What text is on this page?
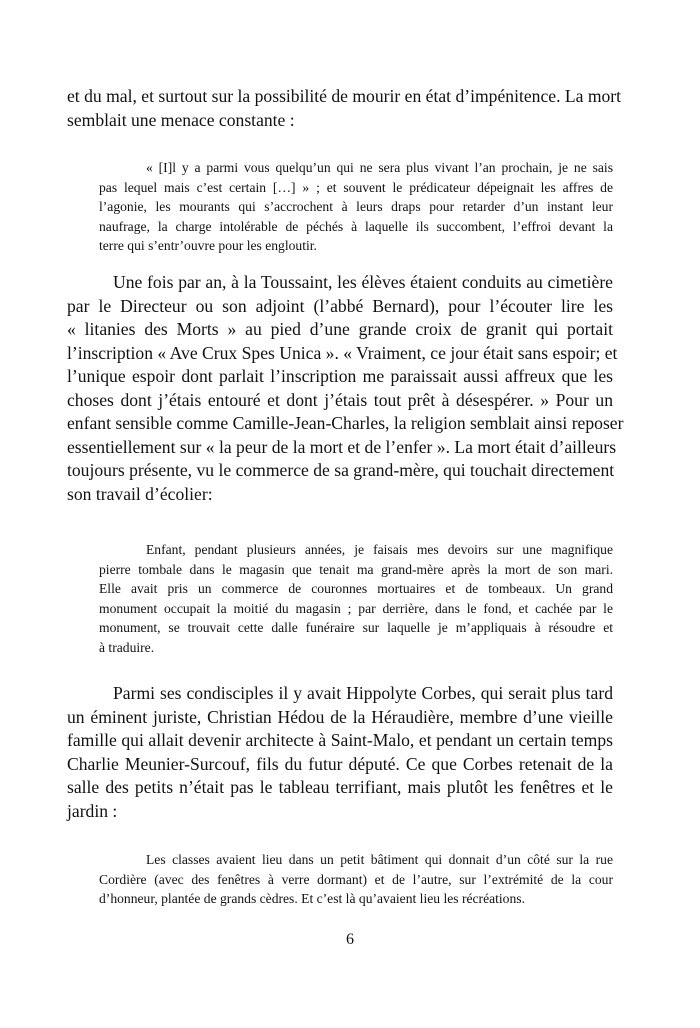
et du mal, et surtout sur la possibilité de mourir en état d’impénitence. La mort
semblait une menace constante :
« [I]l y a parmi vous quelqu’un qui ne sera plus vivant l’an prochain, je ne sais
pas lequel mais c’est certain […] » ; et souvent le prédicateur dépeignait les affres de
l’agonie, les mourants qui s’accrochent à leurs draps pour retarder d’un instant leur
naufrage, la charge intolérable de péchés à laquelle ils succombent, l’effroi devant la
terre qui s’entr’ouvre pour les engloutir.
Une fois par an, à la Toussaint, les élèves étaient conduits au cimetière
par le Directeur ou son adjoint (l’abbé Bernard), pour l’écouter lire les
« litanies des Morts » au pied d’une grande croix de granit qui portait
l’inscription « Ave Crux Spes Unica ». « Vraiment, ce jour était sans espoir; et
l’unique espoir dont parlait l’inscription me paraissait aussi affreux que les
choses dont j’étais entouré et dont j’étais tout prêt à désespérer. » Pour un
enfant sensible comme Camille-Jean-Charles, la religion semblait ainsi reposer
essentiellement sur « la peur de la mort et de l’enfer ». La mort était d’ailleurs
toujours présente, vu le commerce de sa grand-mère, qui touchait directement
son travail d’écolier:
Enfant, pendant plusieurs années, je faisais mes devoirs sur une magnifique
pierre tombale dans le magasin que tenait ma grand-mère après la mort de son mari.
Elle avait pris un commerce de couronnes mortuaires et de tombeaux. Un grand
monument occupait la moitié du magasin ; par derrière, dans le fond, et cachée par le
monument, se trouvait cette dalle funéraire sur laquelle je m’appliquais à résoudre et
à traduire.
Parmi ses condisciples il y avait Hippolyte Corbes, qui serait plus tard
un éminent juriste, Christian Hédou de la Héraudière, membre d’une vieille
famille qui allait devenir architecte à Saint-Malo, et pendant un certain temps
Charlie Meunier-Surcouf, fils du futur député. Ce que Corbes retenait de la
salle des petits n’était pas le tableau terrifiant, mais plutôt les fenêtres et le
jardin :
Les classes avaient lieu dans un petit bâtiment qui donnait d’un côté sur la rue
Cordière (avec des fenêtres à verre dormant) et de l’autre, sur l’extrémité de la cour
d’honneur, plantée de grands cèdres. Et c’est là qu’avaient lieu les récréations.
6
